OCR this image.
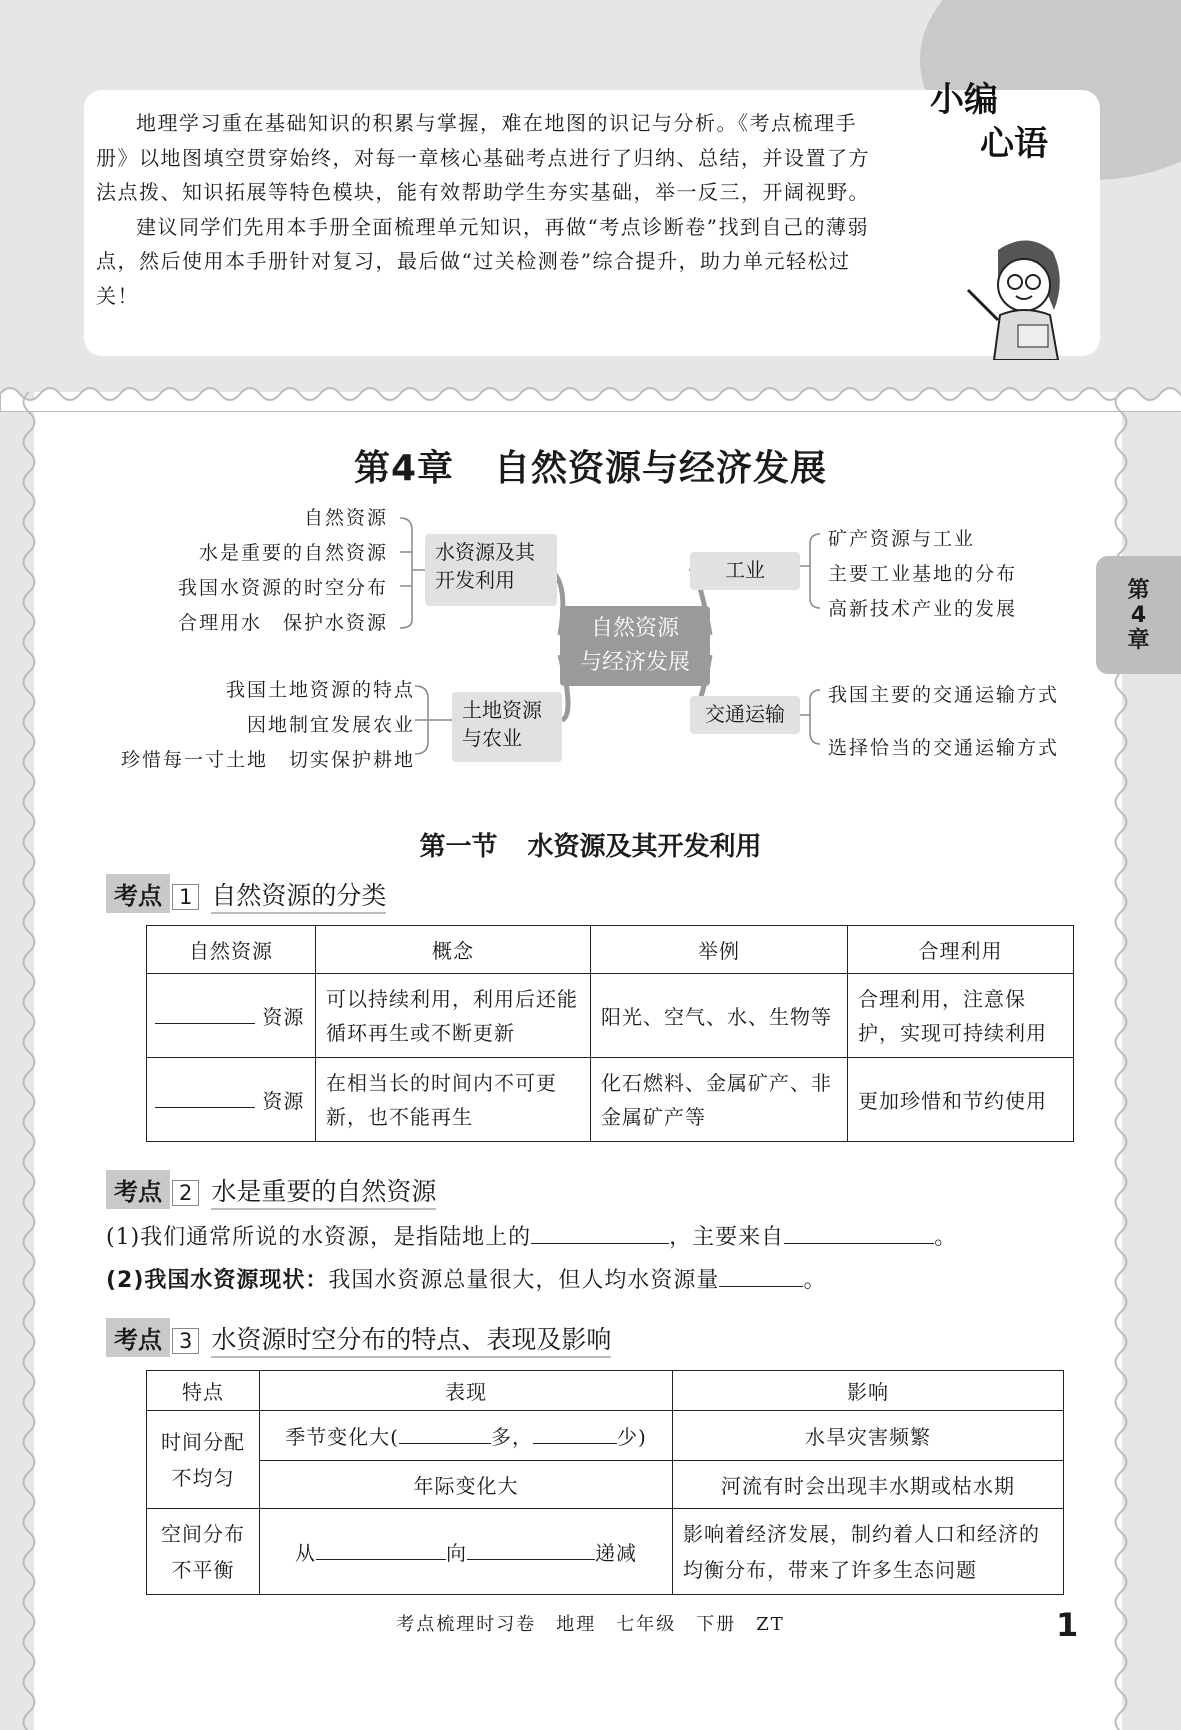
地理学习重在基础知识的积累与掌握，难在地图的识记与分析。《考点梳理手册》以地图填空贯穿始终，对每一章核心基础考点进行了归纳、总结，并设置了方法点拨、知识拓展等特色模块，能有效帮助学生夯实基础，举一反三，开阔视野。

建议同学们先用本手册全面梳理单元知识，再做“考点诊断卷”找到自己的薄弱点，然后使用本手册针对复习，最后做“过关检测卷”综合提升，助力单元轻松过关！

小编
心语
第
4
章
第4章 自然资源与经济发展
自然资源
水是重要的自然资源
我国水资源的时空分布
合理用水　保护水资源
水资源及其
开发利用
自然资源
与经济发展
工业
矿产资源与工业
主要工业基地的分布
高新技术产业的发展
我国土地资源的特点
因地制宜发展农业
珍惜每一寸土地　切实保护耕地
土地资源
与农业
交通运输
我国主要的交通运输方式
选择恰当的交通运输方式
第一节 水资源及其开发利用
考点 1 自然资源的分类
自然资源	概念	举例	合理利用
资源	可以持续利用，利用后还能循环再生或不断更新	阳光、空气、水、生物等	合理利用，注意保护，实现可持续利用
资源	在相当长的时间内不可更新，也不能再生	化石燃料、金属矿产、非金属矿产等	更加珍惜和节约使用
考点 2 水是重要的自然资源
(1)我们通常所说的水资源，是指陆地上的	，主要来自	。
(2)我国水资源现状：我国水资源总量很大，但人均水资源量	。
考点 3 水资源时空分布的特点、表现及影响
特点	表现	影响
时间分配不均匀	季节变化大( 多， 少)	水旱灾害频繁
	年际变化大	河流有时会出现丰水期或枯水期
空间分布不平衡	从 向 递减	影响着经济发展，制约着人口和经济的均衡分布，带来了许多生态问题
考点梳理时习卷 地理 七年级 下册 ZT	1
